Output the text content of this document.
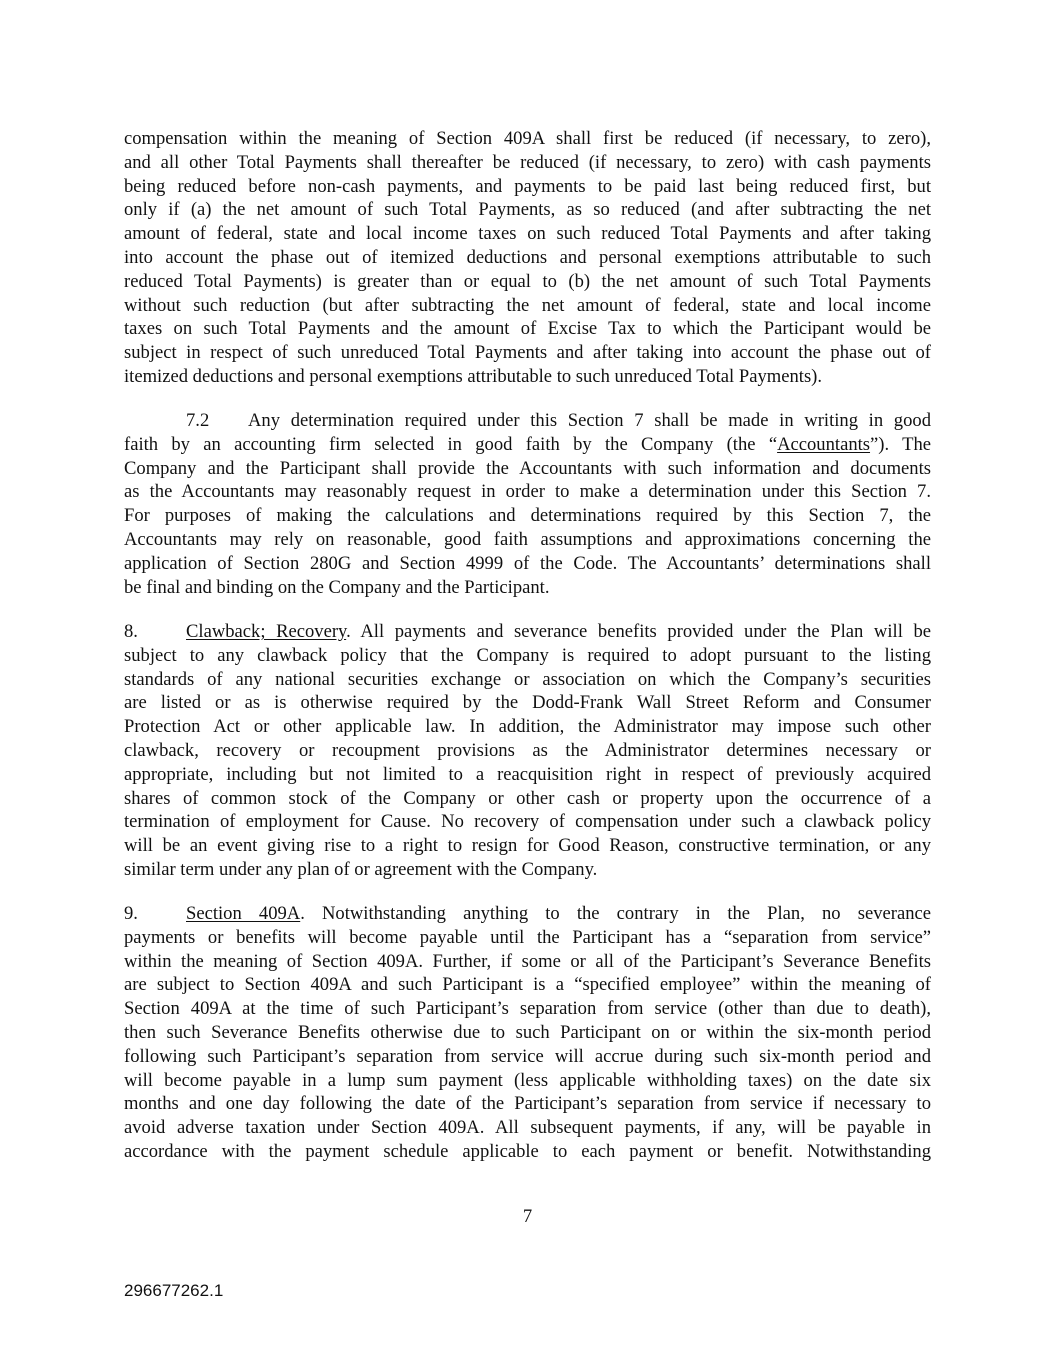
compensation within the meaning of Section 409A shall first be reduced (if necessary, to zero),
and all other Total Payments shall thereafter be reduced (if necessary, to zero) with cash payments
being reduced before non-cash payments, and payments to be paid last being reduced first, but
only if (a) the net amount of such Total Payments, as so reduced (and after subtracting the net
amount of federal, state and local income taxes on such reduced Total Payments and after taking
into account the phase out of itemized deductions and personal exemptions attributable to such
reduced Total Payments) is greater than or equal to (b) the net amount of such Total Payments
without such reduction (but after subtracting the net amount of federal, state and local income
taxes on such Total Payments and the amount of Excise Tax to which the Participant would be
subject in respect of such unreduced Total Payments and after taking into account the phase out of
itemized deductions and personal exemptions attributable to such unreduced Total Payments).
7.2 Any determination required under this Section 7 shall be made in writing in good
faith by an accounting firm selected in good faith by the Company (the “Accountants”). The
Company and the Participant shall provide the Accountants with such information and documents
as the Accountants may reasonably request in order to make a determination under this Section 7.
For purposes of making the calculations and determinations required by this Section 7, the
Accountants may rely on reasonable, good faith assumptions and approximations concerning the
application of Section 280G and Section 4999 of the Code. The Accountants’ determinations shall
be final and binding on the Company and the Participant.
8.	Clawback; Recovery. All payments and severance benefits provided under the Plan will be
subject to any clawback policy that the Company is required to adopt pursuant to the listing
standards of any national securities exchange or association on which the Company’s securities
are listed or as is otherwise required by the Dodd-Frank Wall Street Reform and Consumer
Protection Act or other applicable law. In addition, the Administrator may impose such other
clawback, recovery or recoupment provisions as the Administrator determines necessary or
appropriate, including but not limited to a reacquisition right in respect of previously acquired
shares of common stock of the Company or other cash or property upon the occurrence of a
termination of employment for Cause. No recovery of compensation under such a clawback policy
will be an event giving rise to a right to resign for Good Reason, constructive termination, or any
similar term under any plan of or agreement with the Company.
9.	Section 409A. Notwithstanding anything to the contrary in the Plan, no severance
payments or benefits will become payable until the Participant has a “separation from service”
within the meaning of Section 409A. Further, if some or all of the Participant’s Severance Benefits
are subject to Section 409A and such Participant is a “specified employee” within the meaning of
Section 409A at the time of such Participant’s separation from service (other than due to death),
then such Severance Benefits otherwise due to such Participant on or within the six-month period
following such Participant’s separation from service will accrue during such six-month period and
will become payable in a lump sum payment (less applicable withholding taxes) on the date six
months and one day following the date of the Participant’s separation from service if necessary to
avoid adverse taxation under Section 409A. All subsequent payments, if any, will be payable in
accordance with the payment schedule applicable to each payment or benefit. Notwithstanding
7
296677262.1
